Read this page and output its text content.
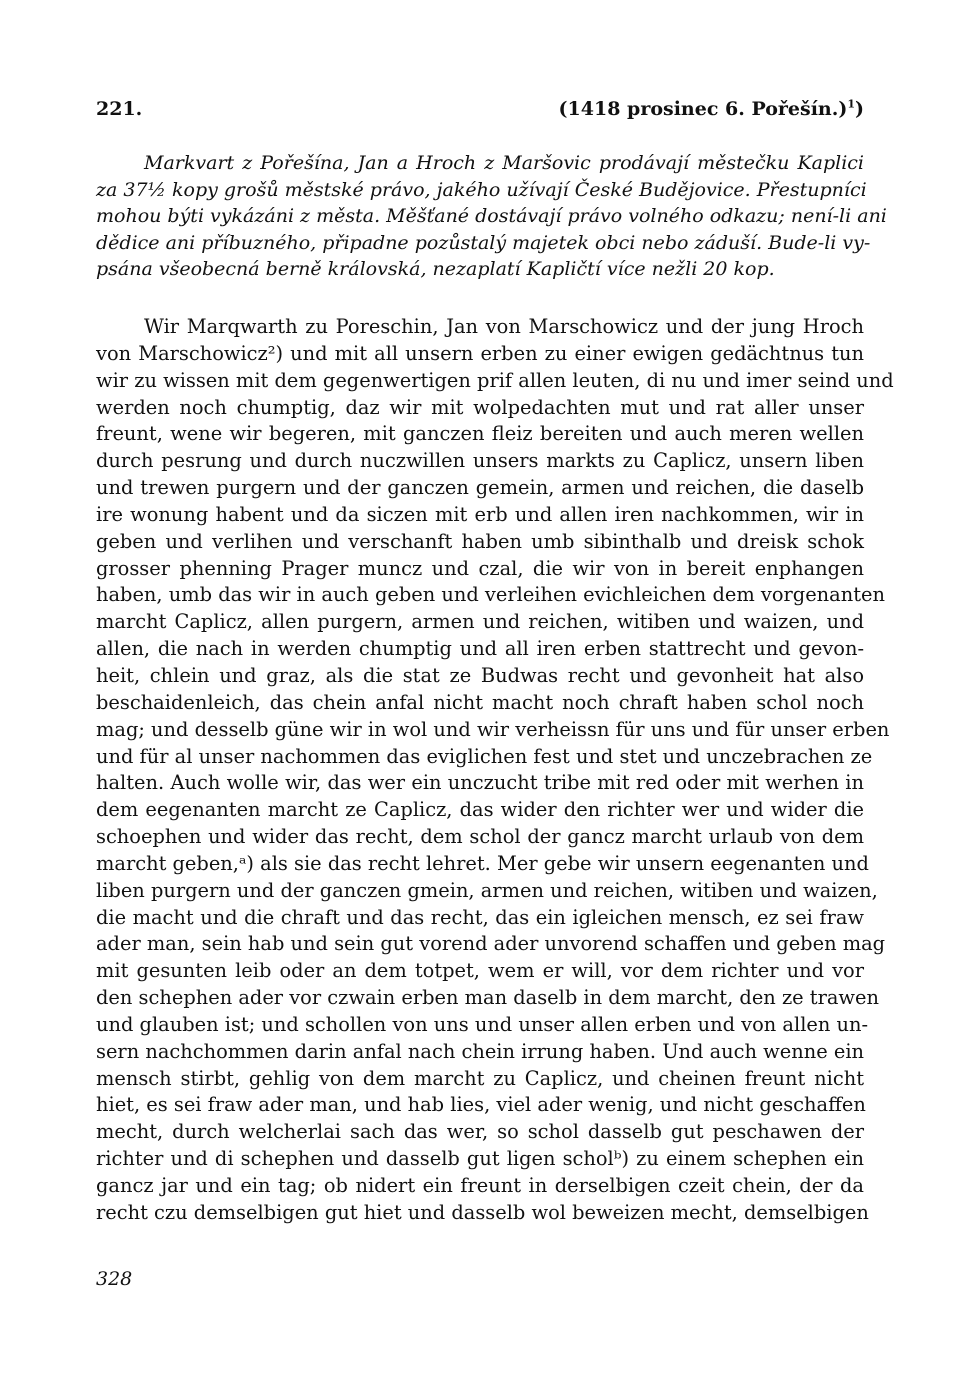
221.	(1418 prosinec 6. Pořešín.)$^1$)
Markvart z Pořešína, Jan a Hroch z Maršovic prodávají městečku Kaplici
za 37½ kopy grošů městské právo, jakého užívají České Budějovice. Přestupníci
mohou býti vykázáni z města. Měšťané dostávají právo volného odkazu; není-li ani
dědice ani příbuzného, připadne pozůstalý majetek obci nebo záduší. Bude-li vy-
psána všeobecná berně královská, nezaplatí Kapličtí více nežli 20 kop.
Wir Marqwarth zu Poreschin, Jan von Marschowicz und der jung Hroch
von Marschowicz²) und mit all unsern erben zu einer ewigen gedächtnus tun
wir zu wissen mit dem gegenwertigen prif allen leuten, di nu und imer seind und
werden noch chumptig, daz wir mit wolpedachten mut und rat aller unser
freunt, wene wir begeren, mit ganczen fleiz bereiten und auch meren wellen
durch pesrung und durch nuczwillen unsers markts zu Caplicz, unsern liben
und trewen purgern und der ganczen gemein, armen und reichen, die daselb
ire wonung habent und da siczen mit erb und allen iren nachkommen, wir in
geben und verlihen und verschanft haben umb sibinthalb und dreisk schok
grosser phenning Prager muncz und czal, die wir von in bereit enphangen
haben, umb das wir in auch geben und verleihen evichleichen dem vorgenanten
marcht Caplicz, allen purgern, armen und reichen, witiben und waizen, und
allen, die nach in werden chumptig und all iren erben stattrecht und gevon-
heit, chlein und graz, als die stat ze Budwas recht und gevonheit hat also
beschaidenleich, das chein anfal nicht macht noch chraft haben schol noch
mag; und desselb güne wir in wol und wir verheissn für uns und für unser erben
und für al unser nachommen das eviglichen fest und stet und unczebrachen ze
halten. Auch wolle wir, das wer ein unczucht tribe mit red oder mit werhen in
dem eegenanten marcht ze Caplicz, das wider den richter wer und wider die
schoephen und wider das recht, dem schol der gancz marcht urlaub von dem
marcht geben,ᵃ) als sie das recht lehret. Mer gebe wir unsern eegenanten und
liben purgern und der ganczen gmein, armen und reichen, witiben und waizen,
die macht und die chraft und das recht, das ein igleichen mensch, ez sei fraw
ader man, sein hab und sein gut vorend ader unvorend schaffen und geben mag
mit gesunten leib oder an dem totpet, wem er will, vor dem richter und vor
den schephen ader vor czwain erben man daselb in dem marcht, den ze trawen
und glauben ist; und schollen von uns und unser allen erben und von allen un-
sern nachchommen darin anfal nach chein irrung haben. Und auch wenne ein
mensch stirbt, gehlig von dem marcht zu Caplicz, und cheinen freunt nicht
hiet, es sei fraw ader man, und hab lies, viel ader wenig, und nicht geschaffen
mecht, durch welcherlai sach das wer, so schol dasselb gut peschawen der
richter und di schephen und dasselb gut ligen scholᵇ) zu einem schephen ein
gancz jar und ein tag; ob nidert ein freunt in derselbigen czeit chein, der da
recht czu demselbigen gut hiet und dasselb wol beweizen mecht, demselbigen
328
